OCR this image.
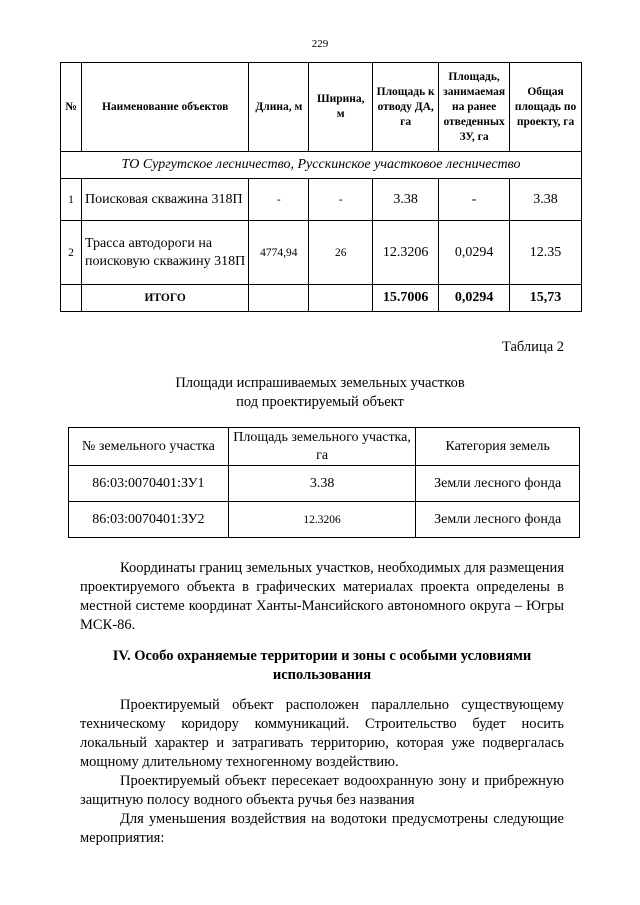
229
№	Наименование объектов	Длина, м	Ширина, м	Площадь к отводу ДА, га	Площадь, занимаемая на ранее отведенных ЗУ, га	Общая площадь по проекту, га
ТО Сургутское лесничество, Русскинское участковое лесничество						
1	Поисковая скважина 318П	-	-	3.38	-	3.38
2	Трасса автодороги на поисковую скважину 318П	4774,94	26	12.3206	0,0294	12.35
	ИТОГО			15.7006	0,0294	15,73
Таблица 2
Площади испрашиваемых земельных участков
под проектируемый объект
№ земельного участка	Площадь земельного участка, га	Категория земель
86:03:0070401:ЗУ1	3.38	Земли лесного фонда
86:03:0070401:ЗУ2	12.3206	Земли лесного фонда

Координаты границ земельных участков, необходимых для размещения проектируемого объекта в графических материалах проекта определены в местной системе координат Ханты-Мансийского автономного округа – Югры МСК-86.

IV. Особо охраняемые территории и зоны с особыми условиями использования

Проектируемый объект расположен параллельно существующему техническому коридору коммуникаций. Строительство будет носить локальный характер и затрагивать территорию, которая уже подвергалась мощному длительному техногенному воздействию.

Проектируемый объект пересекает водоохранную зону и прибрежную защитную полосу водного объекта ручья без названия

Для уменьшения воздействия на водотоки предусмотрены следующие мероприятия:
